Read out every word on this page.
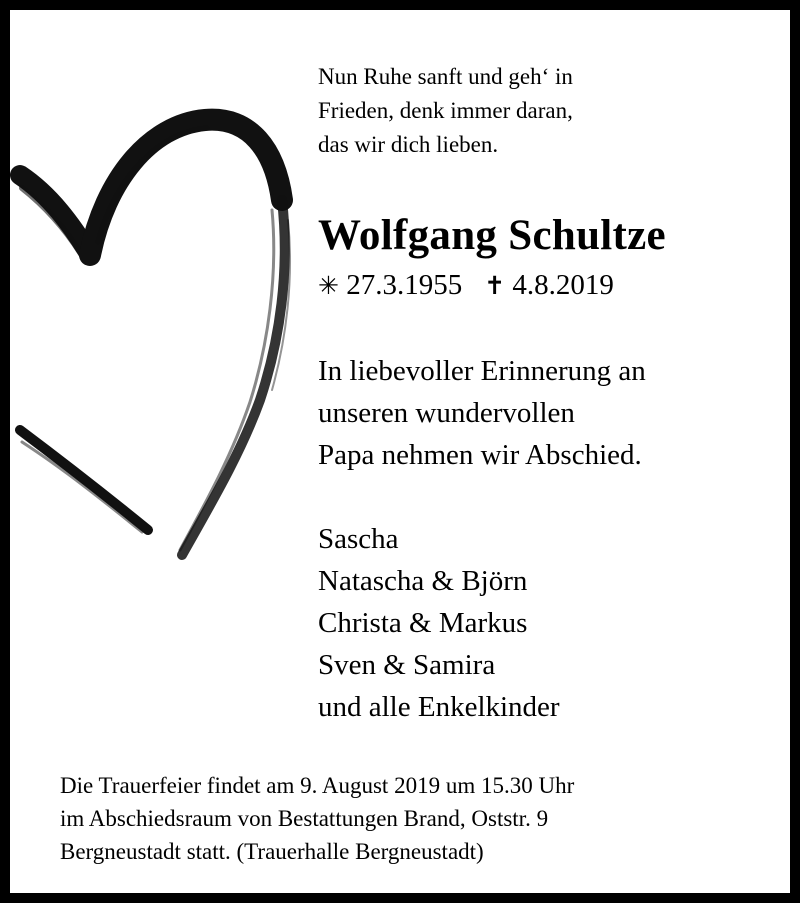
Nun Ruhe sanft und geh‘ in
Frieden, denk immer daran,
das wir dich lieben.

Wolfgang Schultze

✳ 27.3.1955 ✝ 4.8.2019

In liebevoller Erinnerung an
unseren wundervollen
Papa nehmen wir Abschied.

Sascha
Natascha & Björn
Christa & Markus
Sven & Samira
und alle Enkelkinder

Die Trauerfeier findet am 9. August 2019 um 15.30 Uhr
im Abschiedsraum von Bestattungen Brand, Oststr. 9
Bergneustadt statt. (Trauerhalle Bergneustadt)
